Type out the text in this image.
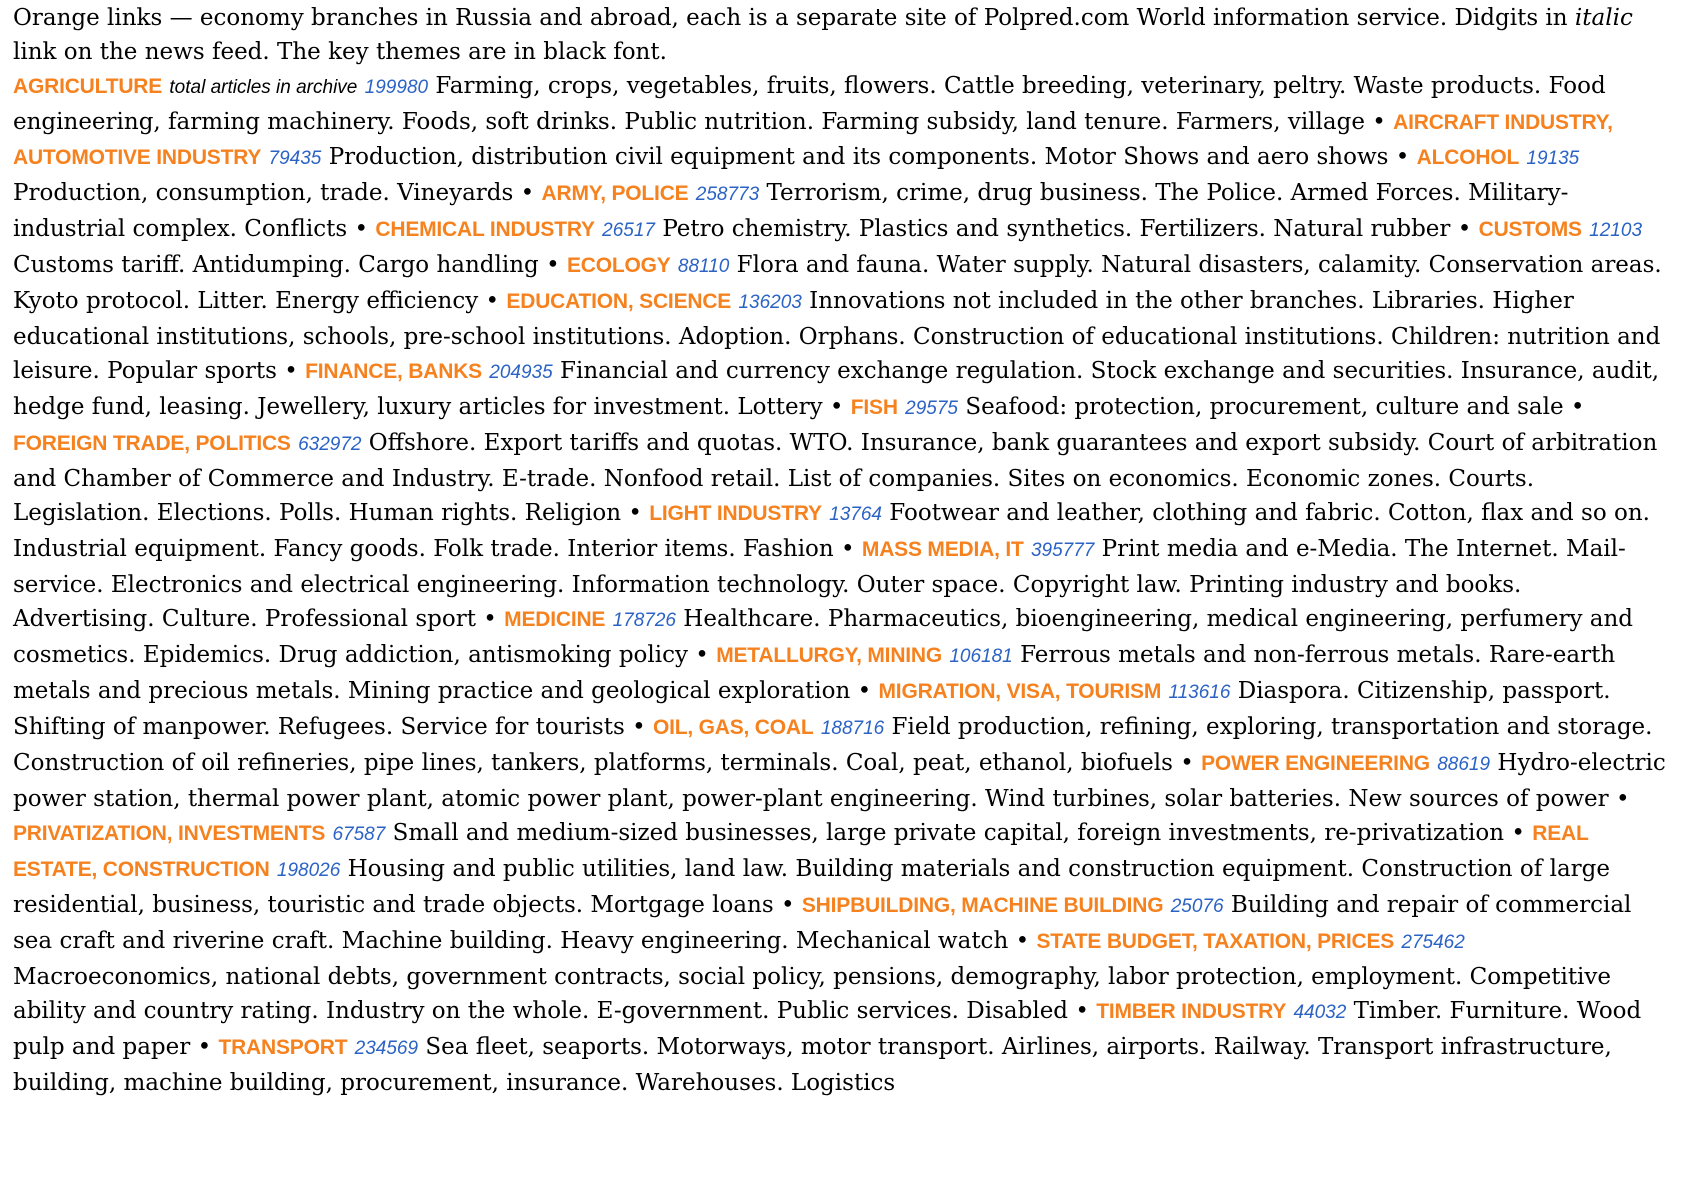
Orange links — economy branches in Russia and abroad, each is a separate site of Polpred.com World information service. Didgits in italic link on the news feed. The key themes are in black font.
AGRICULTURE total articles in archive 199980 Farming, crops, vegetables, fruits, flowers. Cattle breeding, veterinary, peltry. Waste products. Food engineering, farming machinery. Foods, soft drinks. Public nutrition. Farming subsidy, land tenure. Farmers, village • AIRCRAFT INDUSTRY, AUTOMOTIVE INDUSTRY 79435 Production, distribution civil equipment and its components. Motor Shows and aero shows • ALCOHOL 19135 Production, consumption, trade. Vineyards • ARMY, POLICE 258773 Terrorism, crime, drug business. The Police. Armed Forces. Military-industrial complex. Conflicts • CHEMICAL INDUSTRY 26517 Petro chemistry. Plastics and synthetics. Fertilizers. Natural rubber • CUSTOMS 12103 Customs tariff. Antidumping. Cargo handling • ECOLOGY 88110 Flora and fauna. Water supply. Natural disasters, calamity. Conservation areas. Kyoto protocol. Litter. Energy efficiency • EDUCATION, SCIENCE 136203 Innovations not included in the other branches. Libraries. Higher educational institutions, schools, pre-school institutions. Adoption. Orphans. Construction of educational institutions. Children: nutrition and leisure. Popular sports • FINANCE, BANKS 204935 Financial and currency exchange regulation. Stock exchange and securities. Insurance, audit, hedge fund, leasing. Jewellery, luxury articles for investment. Lottery • FISH 29575 Seafood: protection, procurement, culture and sale • FOREIGN TRADE, POLITICS 632972 Offshore. Export tariffs and quotas. WTO. Insurance, bank guarantees and export subsidy. Court of arbitration and Chamber of Commerce and Industry. E-trade. Nonfood retail. List of companies. Sites on economics. Economic zones. Courts. Legislation. Elections. Polls. Human rights. Religion • LIGHT INDUSTRY 13764 Footwear and leather, clothing and fabric. Cotton, flax and so on. Industrial equipment. Fancy goods. Folk trade. Interior items. Fashion • MASS MEDIA, IT 395777 Print media and e-Media. The Internet. Mail-service. Electronics and electrical engineering. Information technology. Outer space. Copyright law. Printing industry and books. Advertising. Culture. Professional sport • MEDICINE 178726 Healthcare. Pharmaceutics, bioengineering, medical engineering, perfumery and cosmetics. Epidemics. Drug addiction, antismoking policy • METALLURGY, MINING 106181 Ferrous metals and non-ferrous metals. Rare-earth metals and precious metals. Mining practice and geological exploration • MIGRATION, VISA, TOURISM 113616 Diaspora. Citizenship, passport. Shifting of manpower. Refugees. Service for tourists • OIL, GAS, COAL 188716 Field production, refining, exploring, transportation and storage. Construction of oil refineries, pipe lines, tankers, platforms, terminals. Coal, peat, ethanol, biofuels • POWER ENGINEERING 88619 Hydro-electric power station, thermal power plant, atomic power plant, power-plant engineering. Wind turbines, solar batteries. New sources of power • PRIVATIZATION, INVESTMENTS 67587 Small and medium-sized businesses, large private capital, foreign investments, re-privatization • REAL ESTATE, CONSTRUCTION 198026 Housing and public utilities, land law. Building materials and construction equipment. Construction of large residential, business, touristic and trade objects. Mortgage loans • SHIPBUILDING, MACHINE BUILDING 25076 Building and repair of commercial sea craft and riverine craft. Machine building. Heavy engineering. Mechanical watch • STATE BUDGET, TAXATION, PRICES 275462 Macroeconomics, national debts, government contracts, social policy, pensions, demography, labor protection, employment. Competitive ability and country rating. Industry on the whole. E-government. Public services. Disabled • TIMBER INDUSTRY 44032 Timber. Furniture. Wood pulp and paper • TRANSPORT 234569 Sea fleet, seaports. Motorways, motor transport. Airlines, airports. Railway. Transport infrastructure, building, machine building, procurement, insurance. Warehouses. Logistics
